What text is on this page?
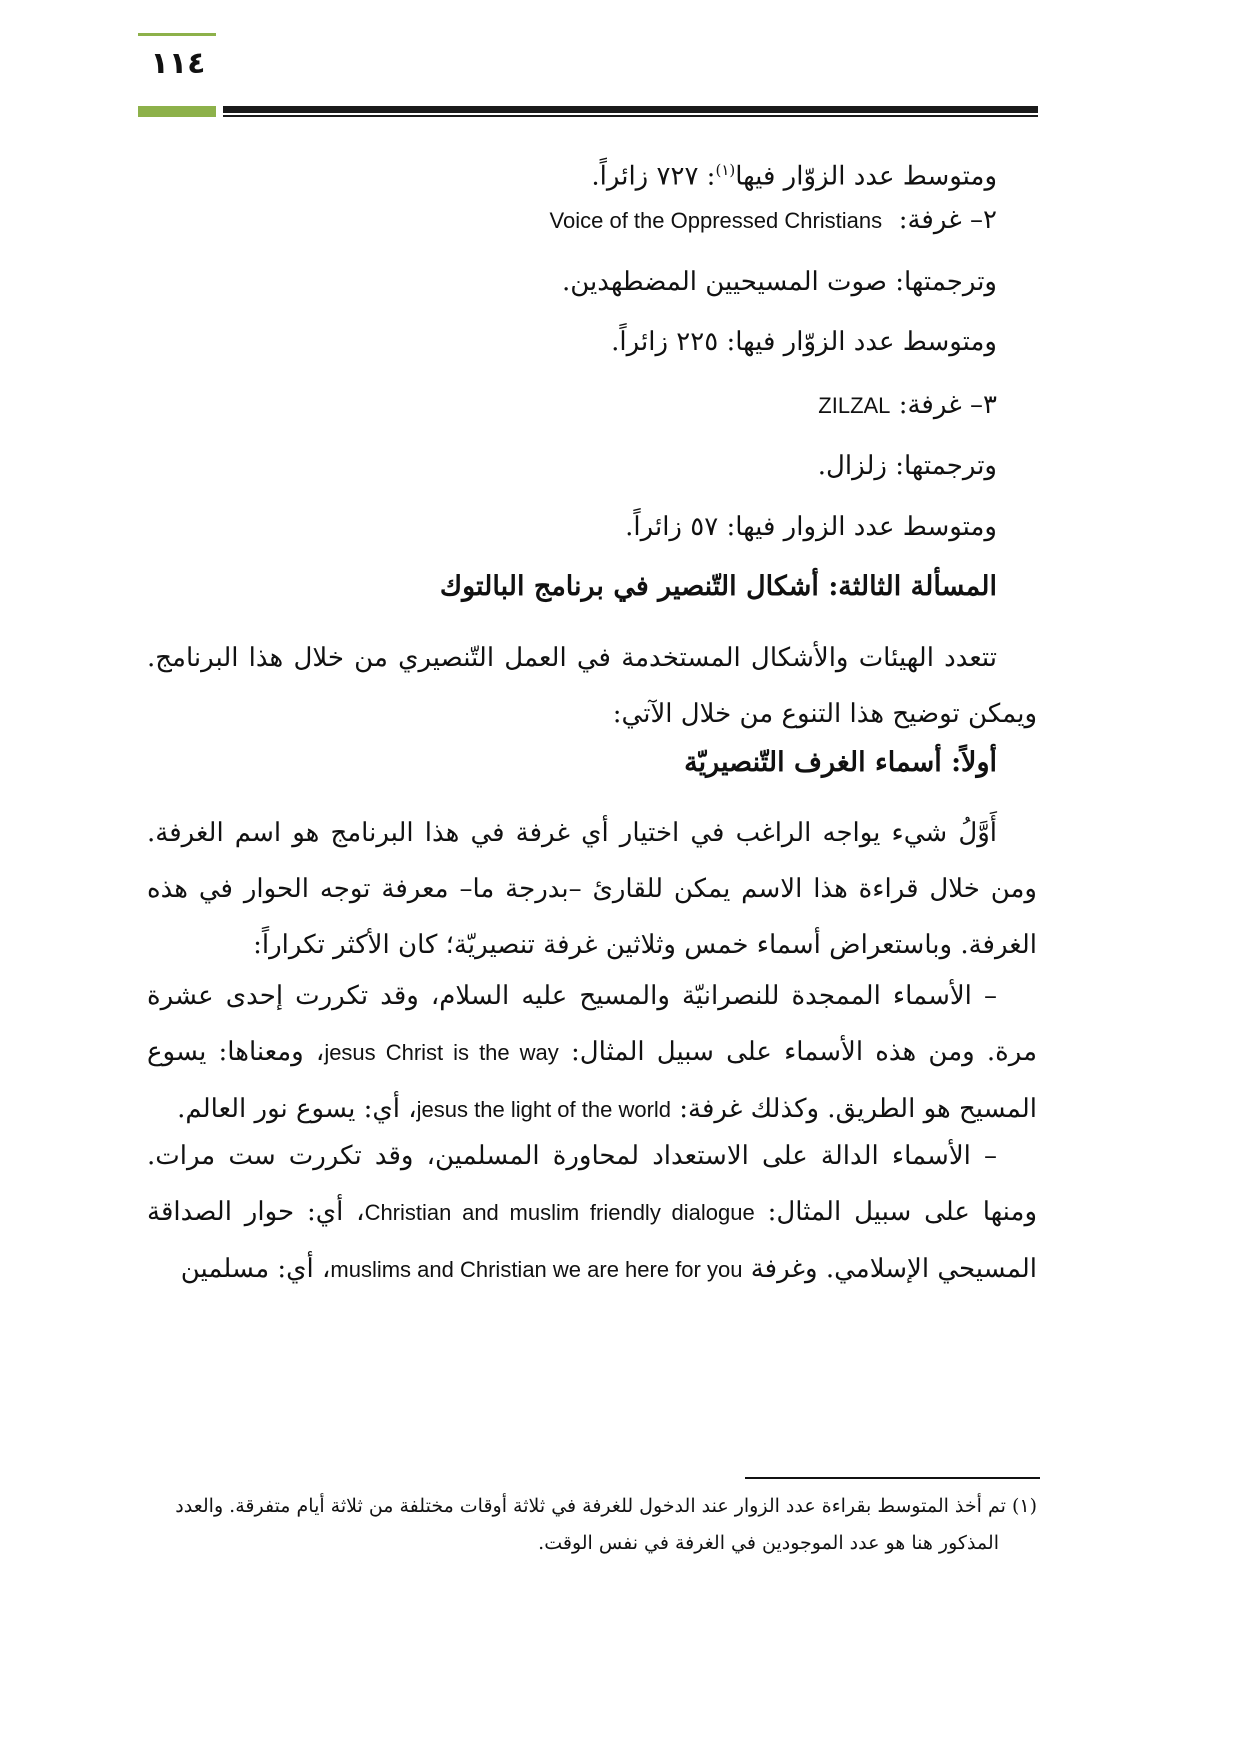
١١٤
ومتوسط عدد الزوّار فيها$^{(١)}$: ٧٢٧ زائراً.
٢– غرفة:  Voice of the Oppressed Christians
وترجمتها: صوت المسيحيين المضطهدين.
ومتوسط عدد الزوّار فيها: ٢٢٥ زائراً.
٣– غرفة: ZILZAL
وترجمتها: زلزال.
ومتوسط عدد الزوار فيها: ٥٧ زائراً.
المسألة الثالثة: أشكال التّنصير في برنامج البالتوك
تتعدد الهيئات والأشكال المستخدمة في العمل التّنصيري من خلال هذا البرنامج. ويمكن توضيح هذا التنوع من خلال الآتي:
أولاً: أسماء الغرف التّنصيريّة
أَوَّلُ شيء يواجه الراغب في اختيار أي غرفة في هذا البرنامج هو اسم الغرفة. ومن خلال قراءة هذا الاسم يمكن للقارئ –بدرجة ما– معرفة توجه الحوار في هذه الغرفة. وباستعراض أسماء خمس وثلاثين غرفة تنصيريّة؛ كان الأكثر تكراراً:
– الأسماء الممجدة للنصرانيّة والمسيح عليه السلام، وقد تكررت إحدى عشرة مرة. ومن هذه الأسماء على سبيل المثال: jesus Christ is the way، ومعناها: يسوع المسيح هو الطريق. وكذلك غرفة: jesus the light of the world، أي: يسوع نور العالم.
– الأسماء الدالة على الاستعداد لمحاورة المسلمين، وقد تكررت ست مرات. ومنها على سبيل المثال: Christian and muslim friendly dialogue، أي: حوار الصداقة المسيحي الإسلامي. وغرفة muslims and Christian we are here for you، أي: مسلمين
(١) تم أخذ المتوسط بقراءة عدد الزوار عند الدخول للغرفة في ثلاثة أوقات مختلفة من ثلاثة أيام متفرقة. والعدد
المذكور هنا هو عدد الموجودين في الغرفة في نفس الوقت.
